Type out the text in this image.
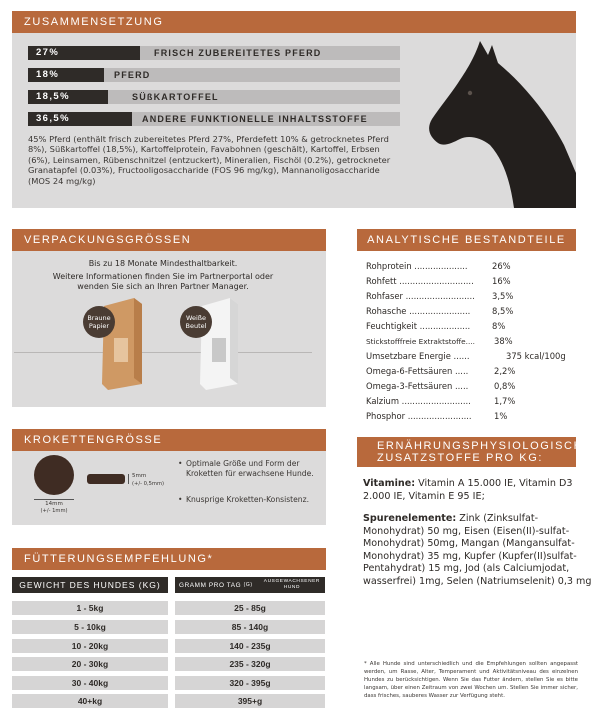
ZUSAMMENSETZUNG
27%	FRISCH ZUBEREITETES PFERD
18%	PFERD
18,5%	SÜßKARTOFFEL
36,5%	ANDERE FUNKTIONELLE INHALTSSTOFFE
45% Pferd (enthält frisch zubereitetes Pferd 27%, Pferdefett 10% & getrocknetes Pferd 8%), Süßkartoffel (18,5%), Kartoffelprotein, Favabohnen (geschält), Kartoffel, Erbsen (6%), Leinsamen, Rübenschnitzel (entzuckert), Mineralien, Fischöl (0.2%), getrockneter Granatapfel (0.03%), Fructooligosaccharide (FOS 96 mg/kg), Mannanoligosaccharide (MOS 24 mg/kg)
VERPACKUNGSGRÖSSEN
Bis zu 18 Monate Mindesthaltbarkeit.
Weitere Informationen finden Sie im Partnerportal oder
wenden Sie sich an Ihren Partner Manager.
Braune Papier
Weiße Beutel
KROKETTENGRÖSSE
14mm
(+/- 1mm)
5mm
(+/- 0,5mm)
• Optimale Größe und Form der Kroketten für erwachsene Hunde.
• Knusprige Kroketten-Konsistenz.
FÜTTERUNGSEMPFEHLUNG*
GEWICHT DES HUNDES (KG)	GRAMM PRO TAG
(G)
AUSGEWACHSENER
HUND
1 - 5kg	25 - 85g
5 - 10kg	85 - 140g
10 - 20kg	140 - 235g
20 - 30kg	235 - 320g
30 - 40kg	320 - 395g
40+kg	395+g
ANALYTISCHE BESTANDTEILE
Rohprotein ....................	26%
Rohfett ............................ 16%
Rohfaser .......................... 3,5%
Rohasche .......................	8,5%
Feuchtigkeit ...................	8%
Stickstofffreie Extraktstoffe.... 38%
Umsetzbare Energie ......	375 kcal/100g
Omega-6-Fettsäuren .....	2,2%
Omega-3-Fettsäuren .....	0,8%
Kalzium ..........................	1,7%
Phosphor ........................	1%
ERNÄHRUNGSPHYSIOLOGISCHE
ZUSATZSTOFFE PRO KG:
Vitamine: Vitamin A 15.000 IE, Vitamin D3 2.000 IE, Vitamin E 95 IE;
Spurenelemente: Zink (Zinksulfat-Monohydrat) 50 mg, Eisen (Eisen(II)-sulfat-Monohydrat) 50mg, Mangan (Mangansulfat-Monohydrat) 35 mg, Kupfer (Kupfer(II)sulfat-Pentahydrat) 15 mg, Jod (als Calciumjodat, wasserfrei) 1mg, Selen (Natriumselenit) 0,3 mg
* Alle Hunde sind unterschiedlich und die Empfehlungen sollten angepasst werden, um Rasse, Alter, Temperament und Aktivitätsniveau des einzelnen Hundes zu berücksichtigen. Wenn Sie das Futter ändern, stellen Sie es bitte langsam, über einen Zeitraum von zwei Wochen um. Stellen Sie immer sicher, dass frisches, sauberes Wasser zur Verfügung steht.
